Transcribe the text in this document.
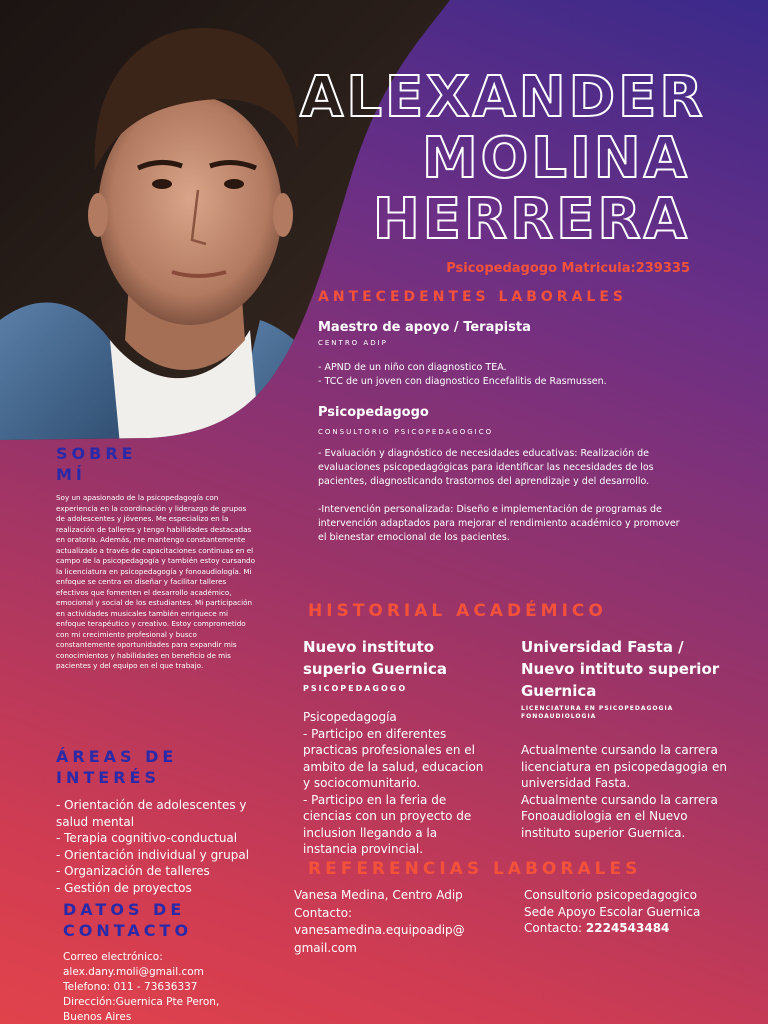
ALEXANDER
MOLINA
HERRERA
Psicopedagogo Matricula:239335
ANTECEDENTES LABORALES
Maestro de apoyo / Terapista
CENTRO ADIP
- APND de un niño con diagnostico TEA.
- TCC de un joven con diagnostico Encefalitis de Rasmussen.
Psicopedagogo
CONSULTORIO PSICOPEDAGOGICO
- Evaluación y diagnóstico de necesidades educativas: Realización de evaluaciones psicopedagógicas para identificar las necesidades de los pacientes, diagnosticando trastornos del aprendizaje y del desarrollo.
-Intervención personalizada: Diseño e implementación de programas de intervención adaptados para mejorar el rendimiento académico y promover el bienestar emocional de los pacientes.
SOBRE
MÍ
Soy un apasionado de la psicopedagogía con experiencia en la coordinación y liderazgo de grupos de adolescentes y jóvenes. Me especializo en la realización de talleres y tengo habilidades destacadas en oratoria. Además, me mantengo constantemente actualizado a través de capacitaciones continuas en el campo de la psicopedagogía y también estoy cursando la licenciatura en psicopedagogía y fonoaudiología. Mi enfoque se centra en diseñar y facilitar talleres efectivos que fomenten el desarrollo académico, emocional y social de los estudiantes. Mi participación en actividades musicales también enriquece mi enfoque terapéutico y creativo. Estoy comprometido con mi crecimiento profesional y busco constantemente oportunidades para expandir mis conocimientos y habilidades en beneficio de mis pacientes y del equipo en el que trabajo.
ÁREAS DE
INTERÉS
- Orientación de adolescentes y salud mental
- Terapia cognitivo-conductual
- Orientación individual y grupal
- Organización de talleres
- Gestión de proyectos
DATOS DE
CONTACTO
Correo electrónico:
alex.dany.moli@gmail.com
Telefono: 011 - 73636337
Dirección:Guernica Pte Peron,
Buenos Aires
HISTORIAL ACADÉMICO
Nuevo instituto
superio Guernica
PSICOPEDAGOGO
Psicopedagogía
- Participo en diferentes practicas profesionales en el ambito de la salud, educacion y sociocomunitario.
- Participo en la feria de ciencias con un proyecto de inclusion llegando a la instancia provincial.
Universidad Fasta /
Nuevo intituto superior
Guernica
LICENCIATURA EN PSICOPEDAGOGIA
FONOAUDIOLOGIA
Actualmente cursando la carrera licenciatura en psicopedagogia en universidad Fasta.
Actualmente cursando la carrera Fonoaudiologia en el Nuevo instituto superior Guernica.
REFERENCIAS LABORALES
Vanesa Medina, Centro Adip
Contacto:
vanesamedina.equipoadip@
gmail.com
Consultorio psicopedagogico
Sede Apoyo Escolar Guernica
Contacto: 2224543484
